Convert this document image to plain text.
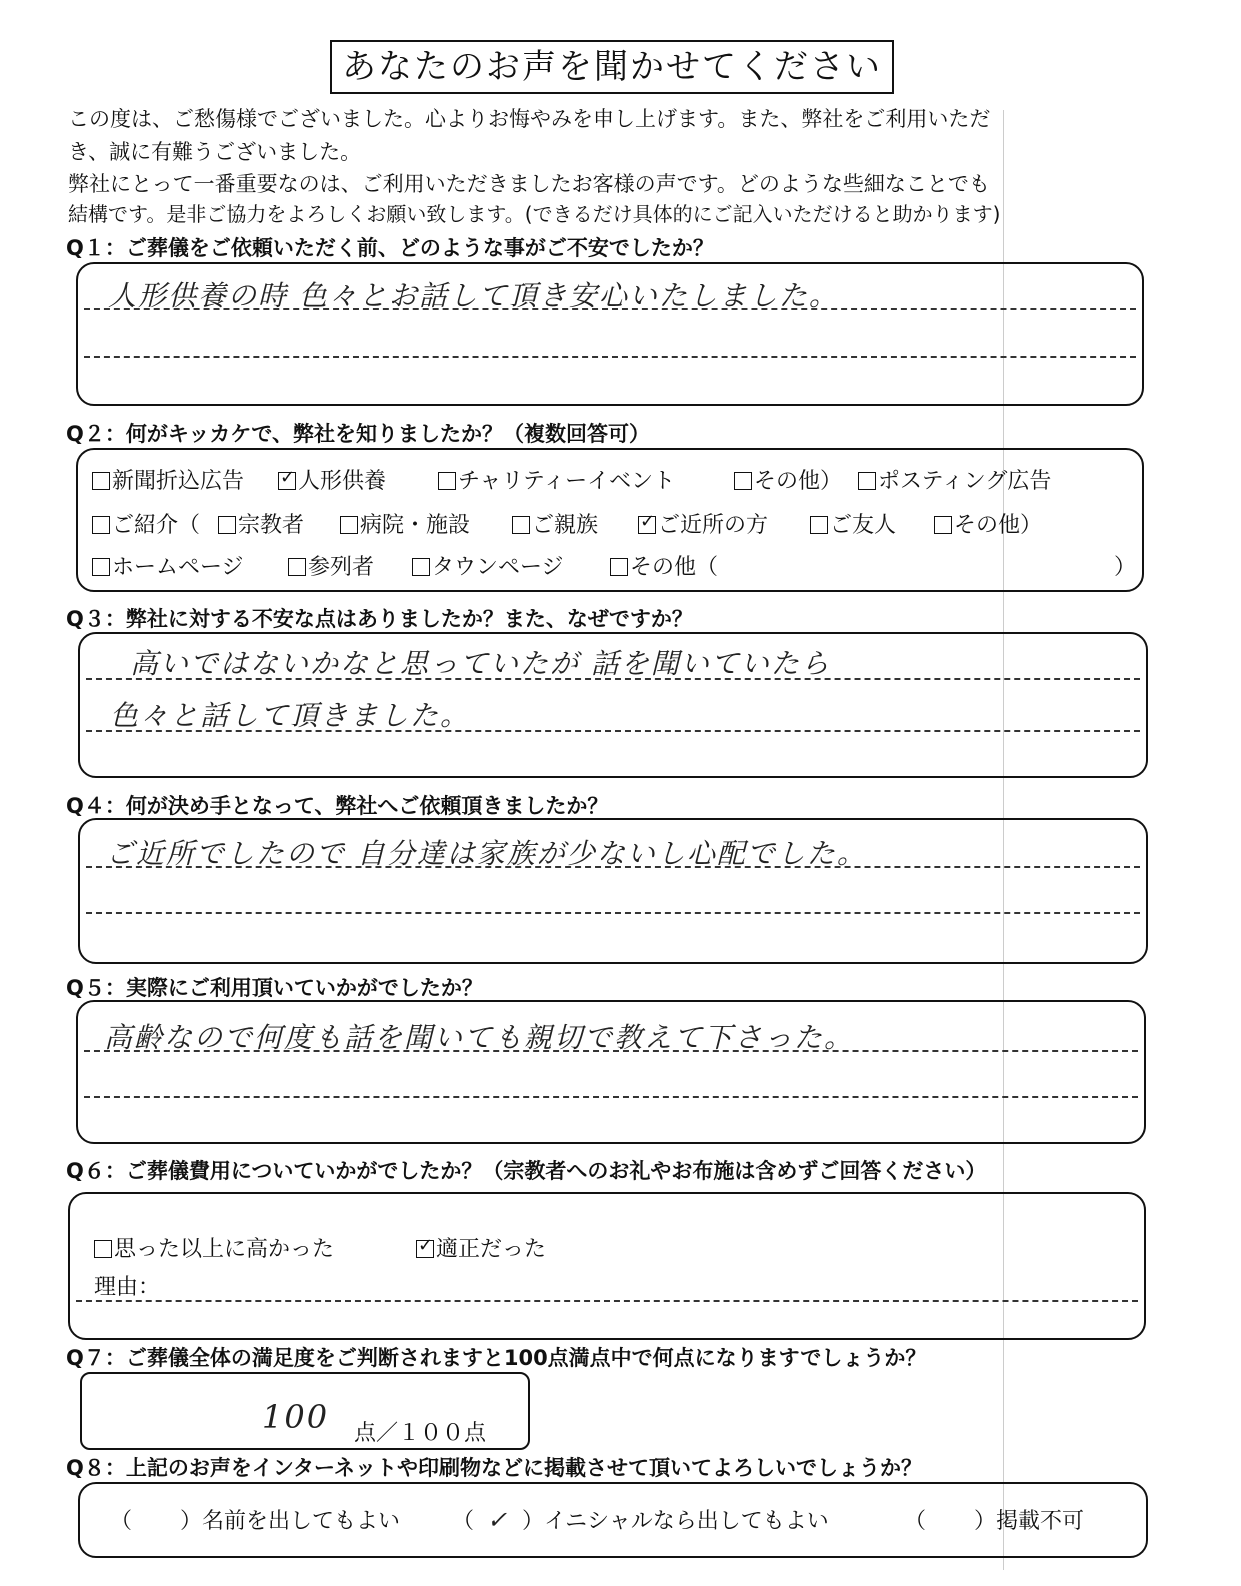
あなたのお声を聞かせてください
この度は、ご愁傷様でございました。心よりお悔やみを申し上げます。また、弊社をご利用いただ
き、誠に有難うございました。
弊社にとって一番重要なのは、ご利用いただきましたお客様の声です。どのような些細なことでも
結構です。是非ご協力をよろしくお願い致します。(できるだけ具体的にご記入いただけると助かります)
Q１：ご葬儀をご依頼いただく前、どのような事がご不安でしたか？
人形供養の時 色々とお話して頂き安心いたしました。
Q２：何がキッカケで、弊社を知りましたか？（複数回答可）
新聞折込広告 ✓	人形供養	チャリティーイベント	その他）	ポスティング広告
ご紹介（	宗教者	病院・施設	ご親族 ✓	ご近所の方	ご友人	その他）
ホームページ	参列者	タウンページ	その他（	）
Q３：弊社に対する不安な点はありましたか？また、なぜですか？
高いではないかなと思っていたが 話を聞いていたら
色々と話して頂きました。
Q４：何が決め手となって、弊社へご依頼頂きましたか？
ご近所でしたので 自分達は家族が少ないし心配でした。
Q５：実際にご利用頂いていかがでしたか？
高齢なので何度も話を聞いても親切で教えて下さった。
Q６：ご葬儀費用についていかがでしたか？（宗教者へのお礼やお布施は含めずご回答ください）
思った以上に高かった ✓	適正だった
理由：
Q７：ご葬儀全体の満足度をご判断されますと100点満点中で何点になりますでしょうか？
100 点／１００点
Q８：上記のお声をインターネットや印刷物などに掲載させて頂いてよろしいでしょうか？
（ ）名前を出してもよい （ ✓ ）イニシャルなら出してもよい	（ ）掲載不可
